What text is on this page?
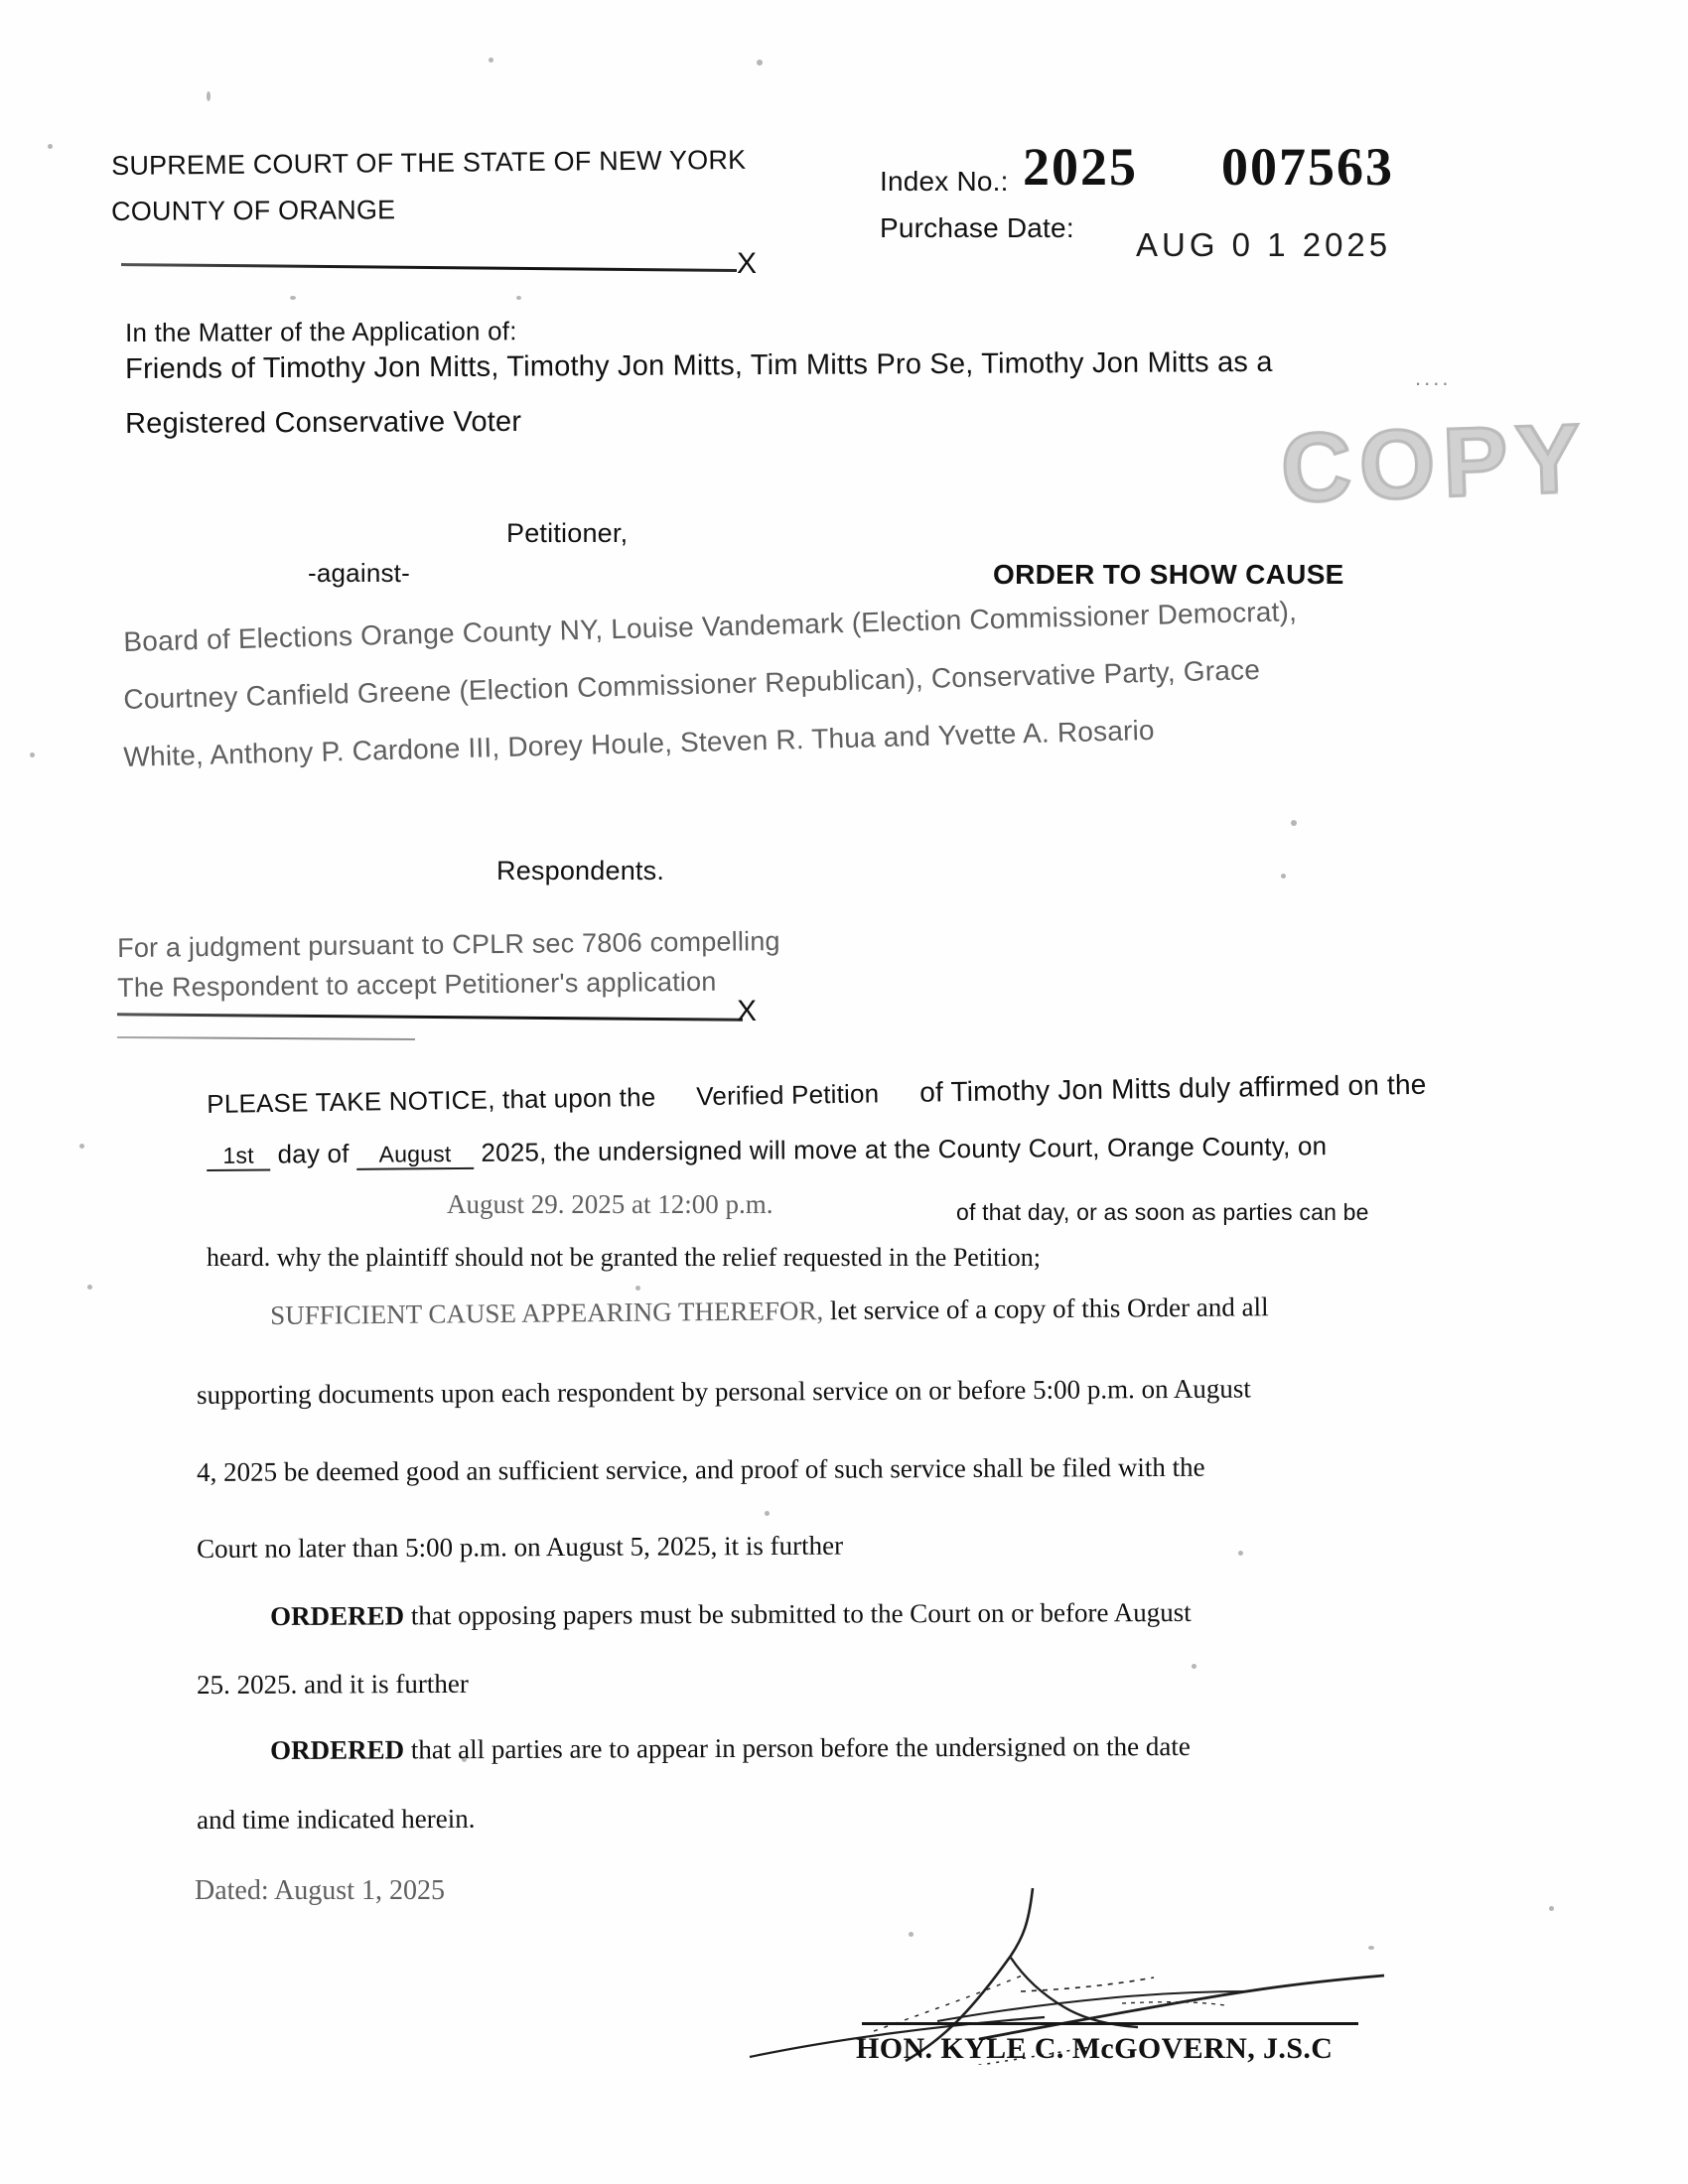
SUPREME COURT OF THE STATE OF NEW YORK
COUNTY OF ORANGE
Index No.: 2025 007563
Purchase Date: AUG 0 1 2025
X
In the Matter of the Application of:
Friends of Timothy Jon Mitts, Timothy Jon Mitts, Tim Mitts Pro Se, Timothy Jon Mitts as a
Registered Conservative Voter
....
Petitioner,
-against-	ORDER TO SHOW CAUSE
Board of Elections Orange County NY, Louise Vandemark (Election Commissioner Democrat),
Courtney Canfield Greene (Election Commissioner Republican), Conservative Party, Grace
White, Anthony P. Cardone III, Dorey Houle, Steven R. Thua and Yvette A. Rosario
Respondents.
For a judgment pursuant to CPLR sec 7806 compelling
The Respondent to accept Petitioner's application
X
COPY
PLEASE TAKE NOTICE, that upon the Verified Petition of Timothy Jon Mitts duly affirmed on the
1st day of August 2025, the undersigned will move at the County Court, Orange County, on
August 29. 2025 at 12:00 p.m.	of that day, or as soon as parties can be
heard. why the plaintiff should not be granted the relief requested in the Petition;
SUFFICIENT CAUSE APPEARING THEREFOR, let service of a copy of this Order and all
supporting documents upon each respondent by personal service on or before 5:00 p.m. on August
4, 2025 be deemed good an sufficient service, and proof of such service shall be filed with the
Court no later than 5:00 p.m. on August 5, 2025, it is further
ORDERED that opposing papers must be submitted to the Court on or before August
25. 2025. and it is further
ORDERED that all parties are to appear in person before the undersigned on the date
and time indicated herein.
Dated: August 1, 2025
HON. KYLE C. McGOVERN, J.S.C
